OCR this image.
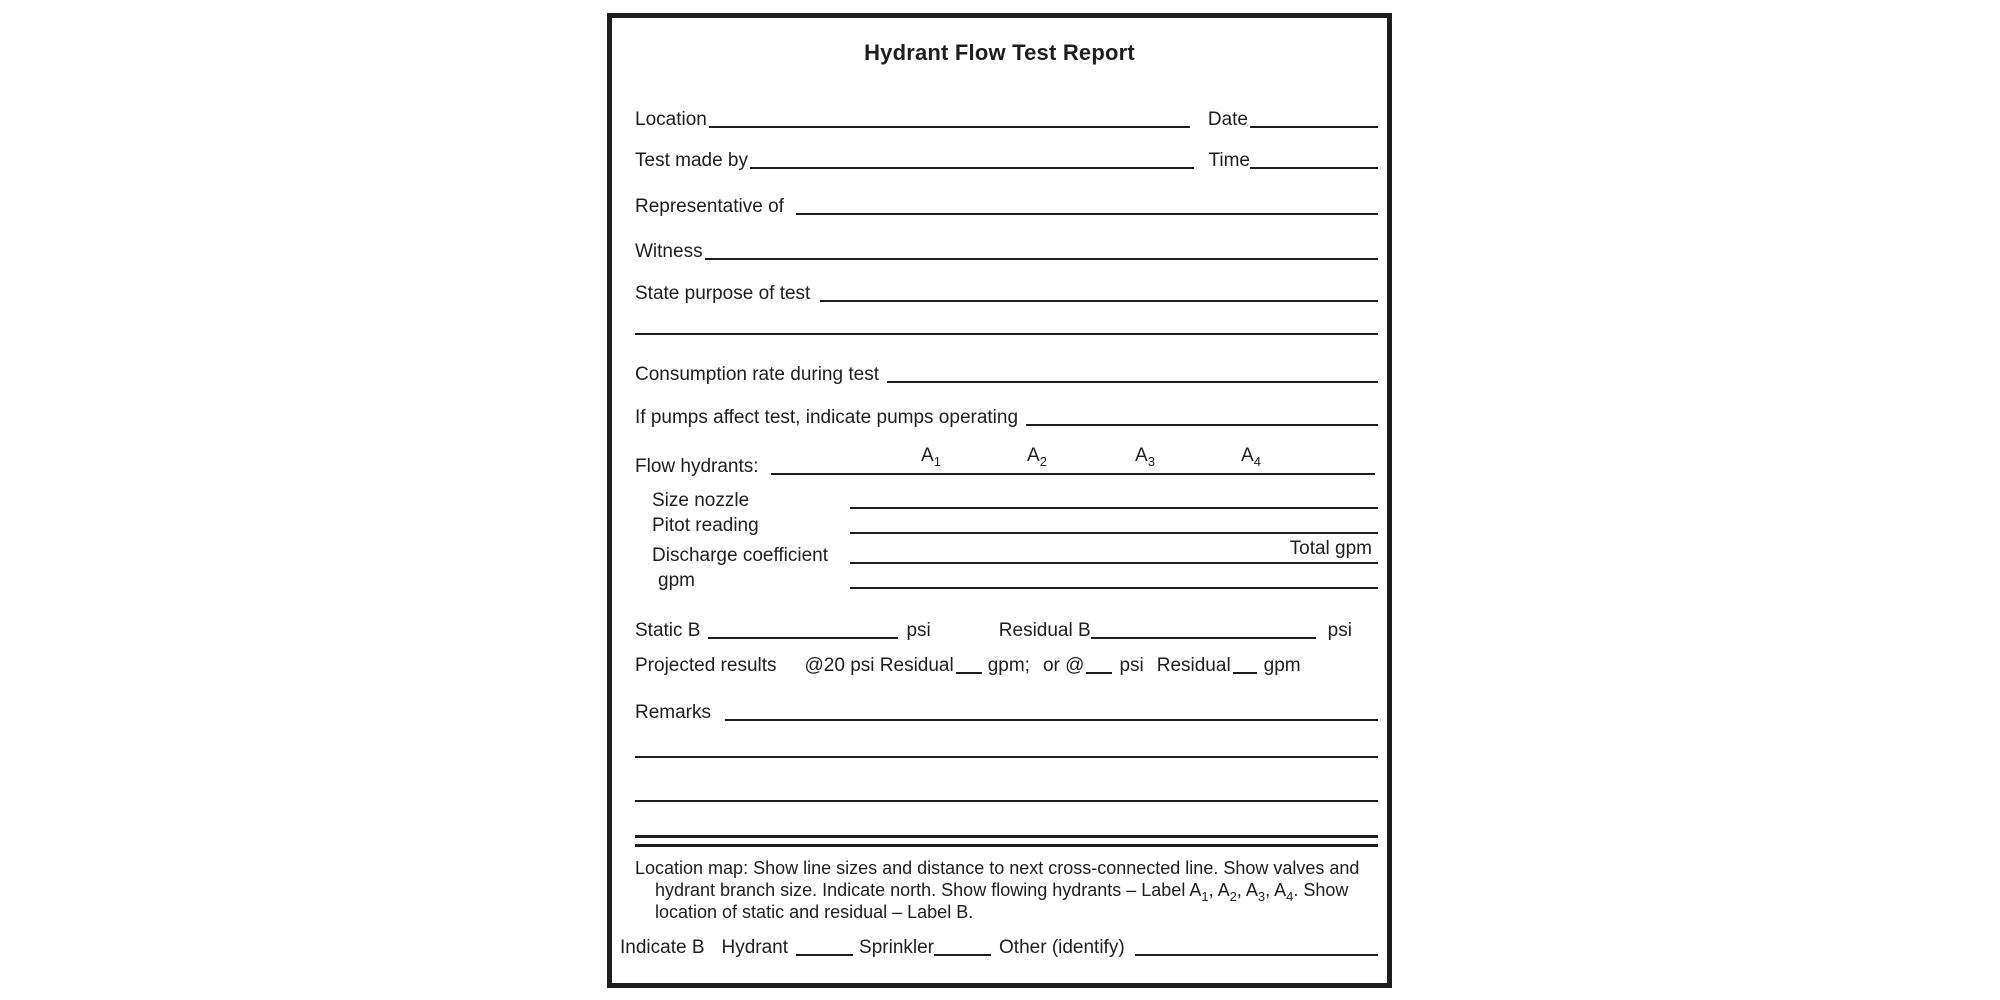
Hydrant Flow Test Report
Location	Date
Test made by	Time
Representative of
Witness
State purpose of test
Consumption rate during test
If pumps affect test, indicate pumps operating
$A_1$	$A_2$	$A_3$	$A_4$
Flow hydrants:
Size nozzle
Pitot reading
Total gpm
Discharge coefficient
gpm
Static B	psi	Residual B	psi
Projected results @20 psi Residual gpm; or @ psi Residual gpm
Remarks
Location map: Show line sizes and distance to next cross-connected line. Show valves and
hydrant branch size. Indicate north. Show flowing hydrants – Label $A_1$, $A_2$, $A_3$, $A_4$. Show
location of static and residual – Label B.
Indicate B Hydrant	Sprinkler	Other (identify)
